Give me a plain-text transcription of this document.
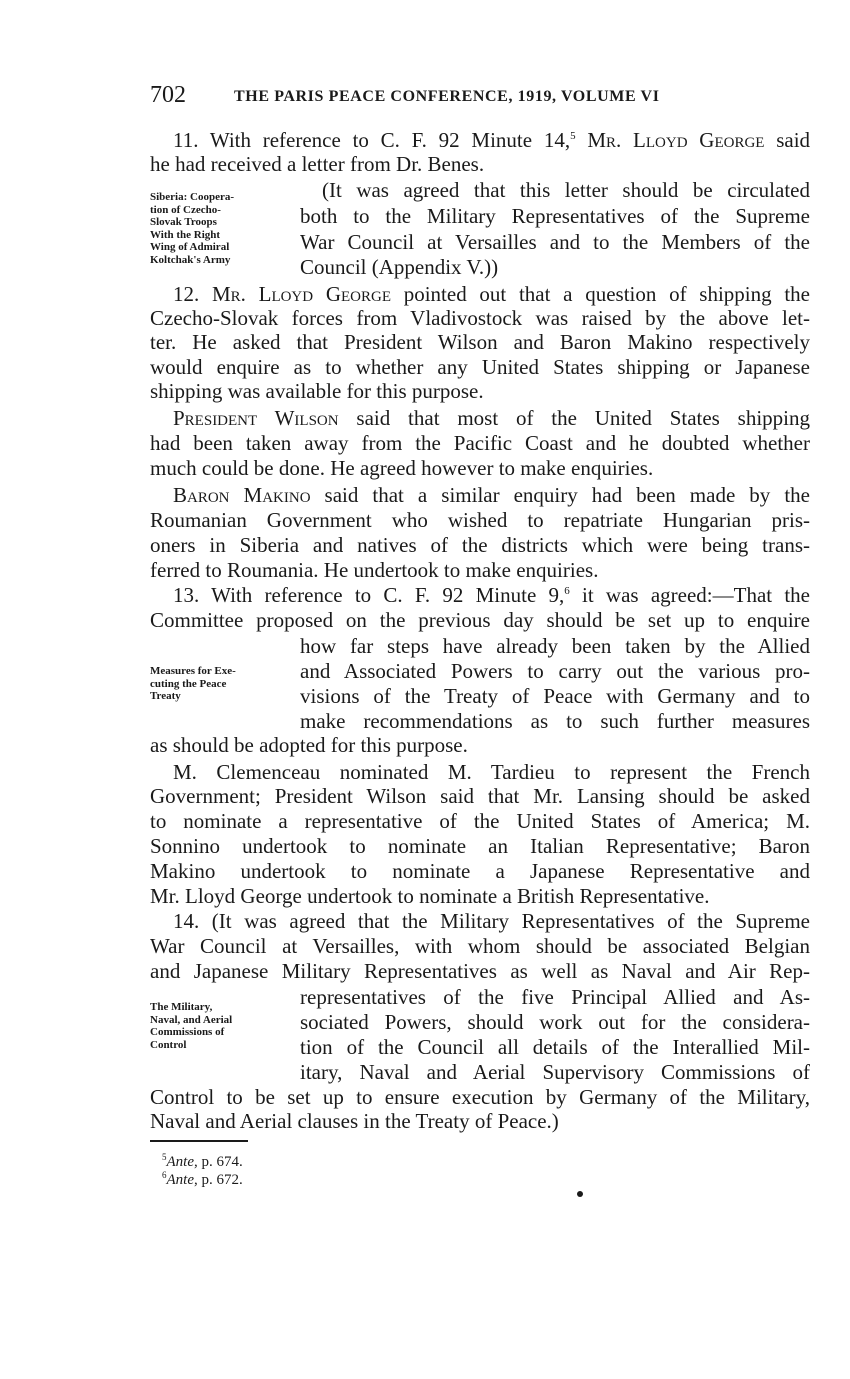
702	THE PARIS PEACE CONFERENCE, 1919, VOLUME VI
11. With reference to C. F. 92 Minute 14,$^5$ Mr. Lloyd George said
he had received a letter from Dr. Benes.
(It was agreed that this letter should be circulated
both to the Military Representatives of the Supreme
War Council at Versailles and to the Members of the
Council (Appendix V.))
Siberia: Coopera-
tion of Czecho-
Slovak Troops
With the Right
Wing of Admiral
Koltchak's Army
12. Mr. Lloyd George pointed out that a question of shipping the
Czecho-Slovak forces from Vladivostock was raised by the above let-
ter. He asked that President Wilson and Baron Makino respectively
would enquire as to whether any United States shipping or Japanese
shipping was available for this purpose.
President Wilson said that most of the United States shipping
had been taken away from the Pacific Coast and he doubted whether
much could be done. He agreed however to make enquiries.
Baron Makino said that a similar enquiry had been made by the
Roumanian Government who wished to repatriate Hungarian pris-
oners in Siberia and natives of the districts which were being trans-
ferred to Roumania. He undertook to make enquiries.
13. With reference to C. F. 92 Minute 9,$^6$ it was agreed:—That the
Committee proposed on the previous day should be set up to enquire
how far steps have already been taken by the Allied
and Associated Powers to carry out the various pro-
visions of the Treaty of Peace with Germany and to
make recommendations as to such further measures
as should be adopted for this purpose.
Measures for Exe-
cuting the Peace
Treaty
M. Clemenceau nominated M. Tardieu to represent the French
Government; President Wilson said that Mr. Lansing should be asked
to nominate a representative of the United States of America; M.
Sonnino undertook to nominate an Italian Representative; Baron
Makino undertook to nominate a Japanese Representative and
Mr. Lloyd George undertook to nominate a British Representative.
14. (It was agreed that the Military Representatives of the Supreme
War Council at Versailles, with whom should be associated Belgian
and Japanese Military Representatives as well as Naval and Air Rep-
representatives of the five Principal Allied and As-
sociated Powers, should work out for the considera-
tion of the Council all details of the Interallied Mil-
itary, Naval and Aerial Supervisory Commissions of
Control to be set up to ensure execution by Germany of the Military,
Naval and Aerial clauses in the Treaty of Peace.)
The Military,
Naval, and Aerial
Commissions of
Control
$^5$Ante, p. 674.
$^6$Ante, p. 672.
